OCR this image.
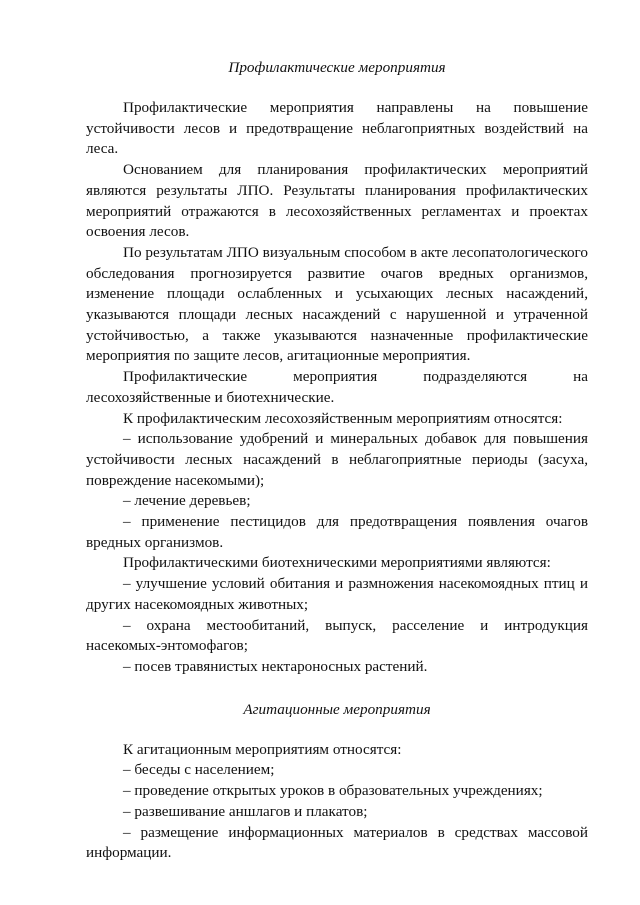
Профилактические мероприятия

Профилактические мероприятия направлены на повышение устойчивости лесов и предотвращение неблагоприятных воздействий на леса.

Основанием для планирования профилактических мероприятий являются результаты ЛПО. Результаты планирования профилактических мероприятий отражаются в лесохозяйственных регламентах и проектах освоения лесов.

По результатам ЛПО визуальным способом в акте лесопатологического обследования прогнозируется развитие очагов вредных организмов, изменение площади ослабленных и усыхающих лесных насаждений, указываются площади лесных насаждений с нарушенной и утраченной устойчивостью, а также указываются назначенные профилактические мероприятия по защите лесов, агитационные мероприятия.

Профилактические мероприятия подразделяются на лесохозяйственные и биотехнические.

К профилактическим лесохозяйственным мероприятиям относятся:

– использование удобрений и минеральных добавок для повышения устойчивости лесных насаждений в неблагоприятные периоды (засуха, повреждение насекомыми);

– лечение деревьев;

– применение пестицидов для предотвращения появления очагов вредных организмов.

Профилактическими биотехническими мероприятиями являются:

– улучшение условий обитания и размножения насекомоядных птиц и других насекомоядных животных;

– охрана местообитаний, выпуск, расселение и интродукция насекомых-энтомофагов;

– посев травянистых нектароносных растений.

Агитационные мероприятия

К агитационным мероприятиям относятся:

– беседы с населением;

– проведение открытых уроков в образовательных учреждениях;

– развешивание аншлагов и плакатов;

– размещение информационных материалов в средствах массовой информации.
